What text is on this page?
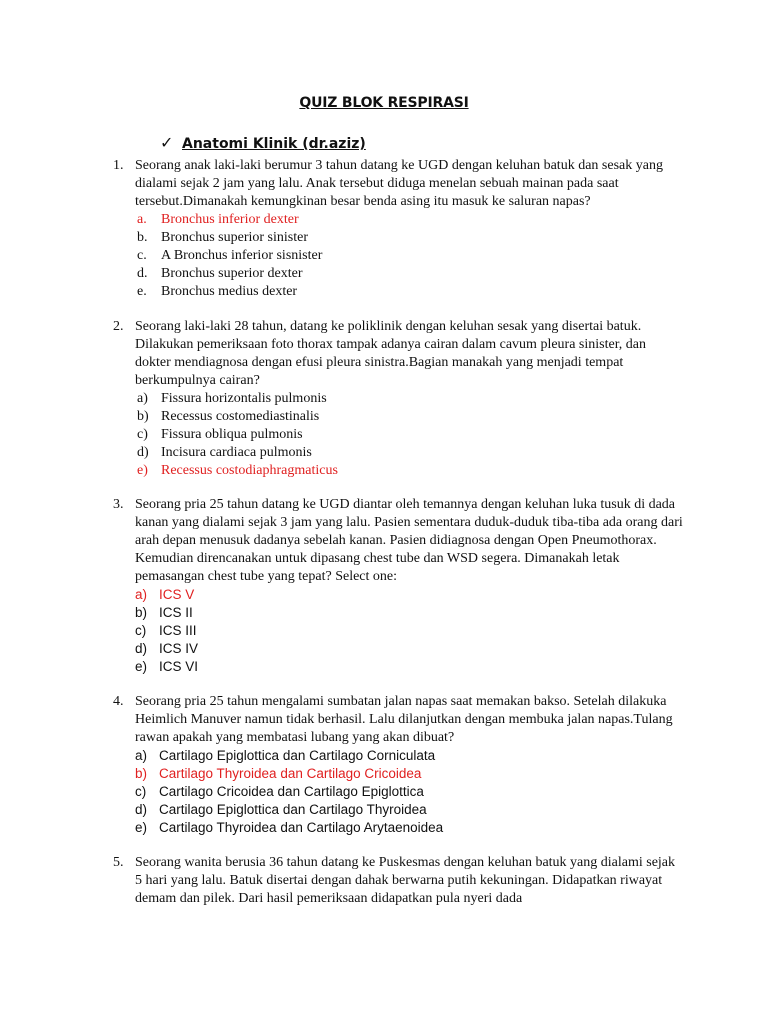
QUIZ BLOK RESPIRASI
✓ Anatomi Klinik (dr.aziz)
1. Seorang anak laki-laki berumur 3 tahun datang ke UGD dengan keluhan batuk dan sesak yang dialami sejak 2 jam yang lalu. Anak tersebut diduga menelan sebuah mainan pada saat tersebut.Dimanakah kemungkinan besar benda asing itu masuk ke saluran napas?
a. Bronchus inferior dexter
b. Bronchus superior sinister
c. A Bronchus inferior sisnister
d. Bronchus superior dexter
e. Bronchus medius dexter
2. Seorang laki-laki 28 tahun, datang ke poliklinik dengan keluhan sesak yang disertai batuk. Dilakukan pemeriksaan foto thorax tampak adanya cairan dalam cavum pleura sinister, dan dokter mendiagnosa dengan efusi pleura sinistra.Bagian manakah yang menjadi tempat berkumpulnya cairan?
a) Fissura horizontalis pulmonis
b) Recessus costomediastinalis
c) Fissura obliqua pulmonis
d) Incisura cardiaca pulmonis
e) Recessus costodiaphragmaticus
3. Seorang pria 25 tahun datang ke UGD diantar oleh temannya dengan keluhan luka tusuk di dada kanan yang dialami sejak 3 jam yang lalu. Pasien sementara duduk-duduk tiba-tiba ada orang dari arah depan menusuk dadanya sebelah kanan. Pasien didiagnosa dengan Open Pneumothorax. Kemudian direncanakan untuk dipasang chest tube dan WSD segera. Dimanakah letak pemasangan chest tube yang tepat? Select one:
a) ICS V
b) ICS II
c) ICS III
d) ICS IV
e) ICS VI
4. Seorang pria 25 tahun mengalami sumbatan jalan napas saat memakan bakso. Setelah dilakuka Heimlich Manuver namun tidak berhasil. Lalu dilanjutkan dengan membuka jalan napas.Tulang rawan apakah yang membatasi lubang yang akan dibuat?
a) Cartilago Epiglottica dan Cartilago Corniculata
b) Cartilago Thyroidea dan Cartilago Cricoidea
c) Cartilago Cricoidea dan Cartilago Epiglottica
d) Cartilago Epiglottica dan Cartilago Thyroidea
e) Cartilago Thyroidea dan Cartilago Arytaenoidea
5. Seorang wanita berusia 36 tahun datang ke Puskesmas dengan keluhan batuk yang dialami sejak 5 hari yang lalu. Batuk disertai dengan dahak berwarna putih kekuningan. Didapatkan riwayat demam dan pilek. Dari hasil pemeriksaan didapatkan pula nyeri dada
